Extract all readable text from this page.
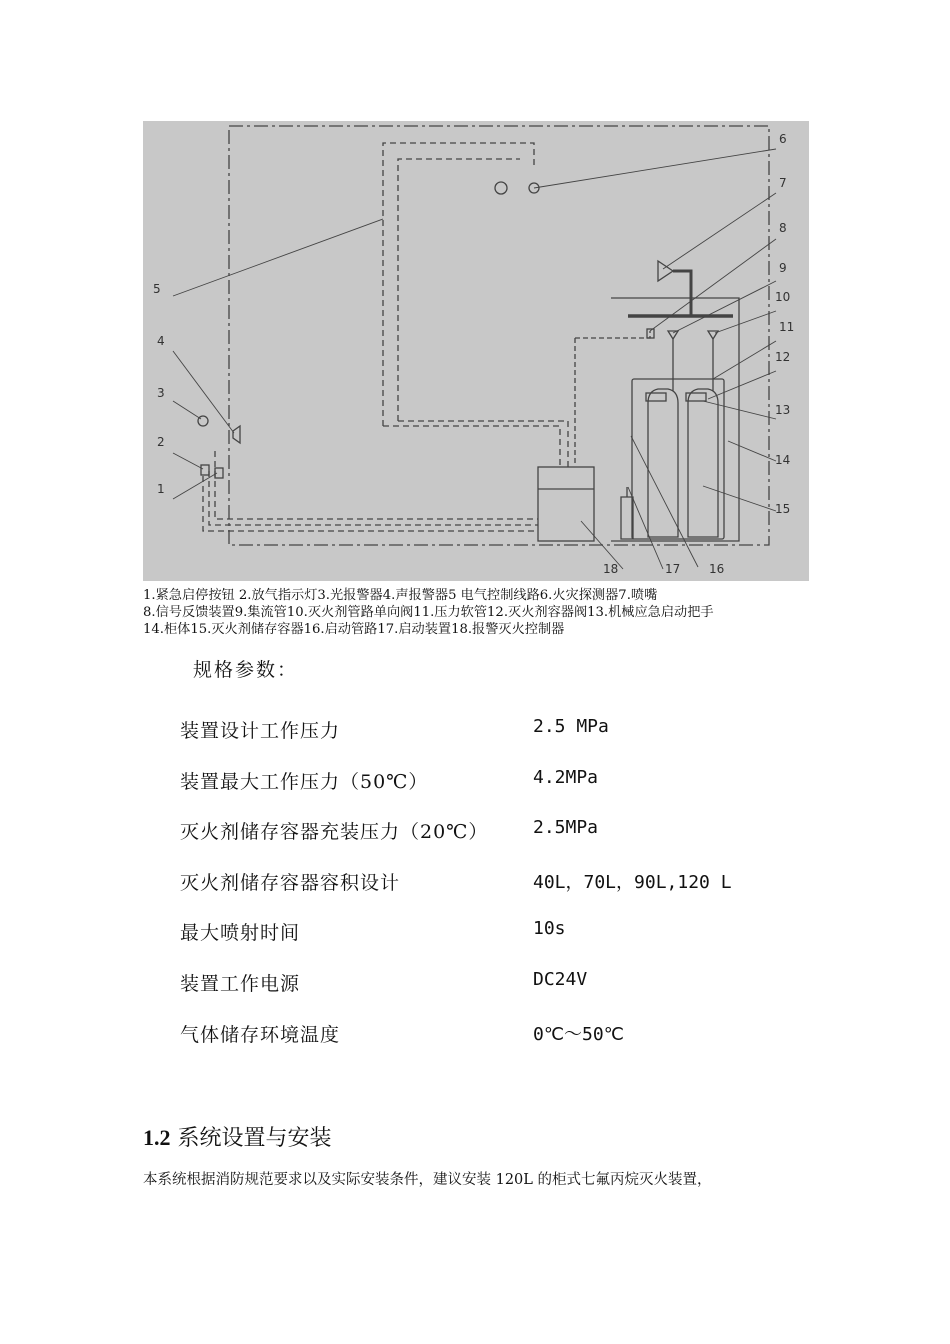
1
2
3
4
5
6
7
8
9
10
11
12
13
14
15
16
17
18
1.紧急启停按钮 2.放气指示灯3.光报警器4.声报警器5 电气控制线路6.火灾探测器7.喷嘴
8.信号反馈装置9.集流管10.灭火剂管路单向阀11.压力软管12.灭火剂容器阀13.机械应急启动把手
14.柜体15.灭火剂储存容器16.启动管路17.启动装置18.报警灭火控制器
规格参数：
装置设计工作压力	2.5 MPa
装置最大工作压力（50℃）	4.2MPa
灭火剂储存容器充装压力（20℃） 2.5MPa
灭火剂储存容器容积设计	40L，70L，90L,120 L
最大喷射时间	10s
装置工作电源	DC24V
气体储存环境温度	0℃～50℃
1.2 系统设置与安装
本系统根据消防规范要求以及实际安装条件，建议安装 120L 的柜式七氟丙烷灭火装置，
